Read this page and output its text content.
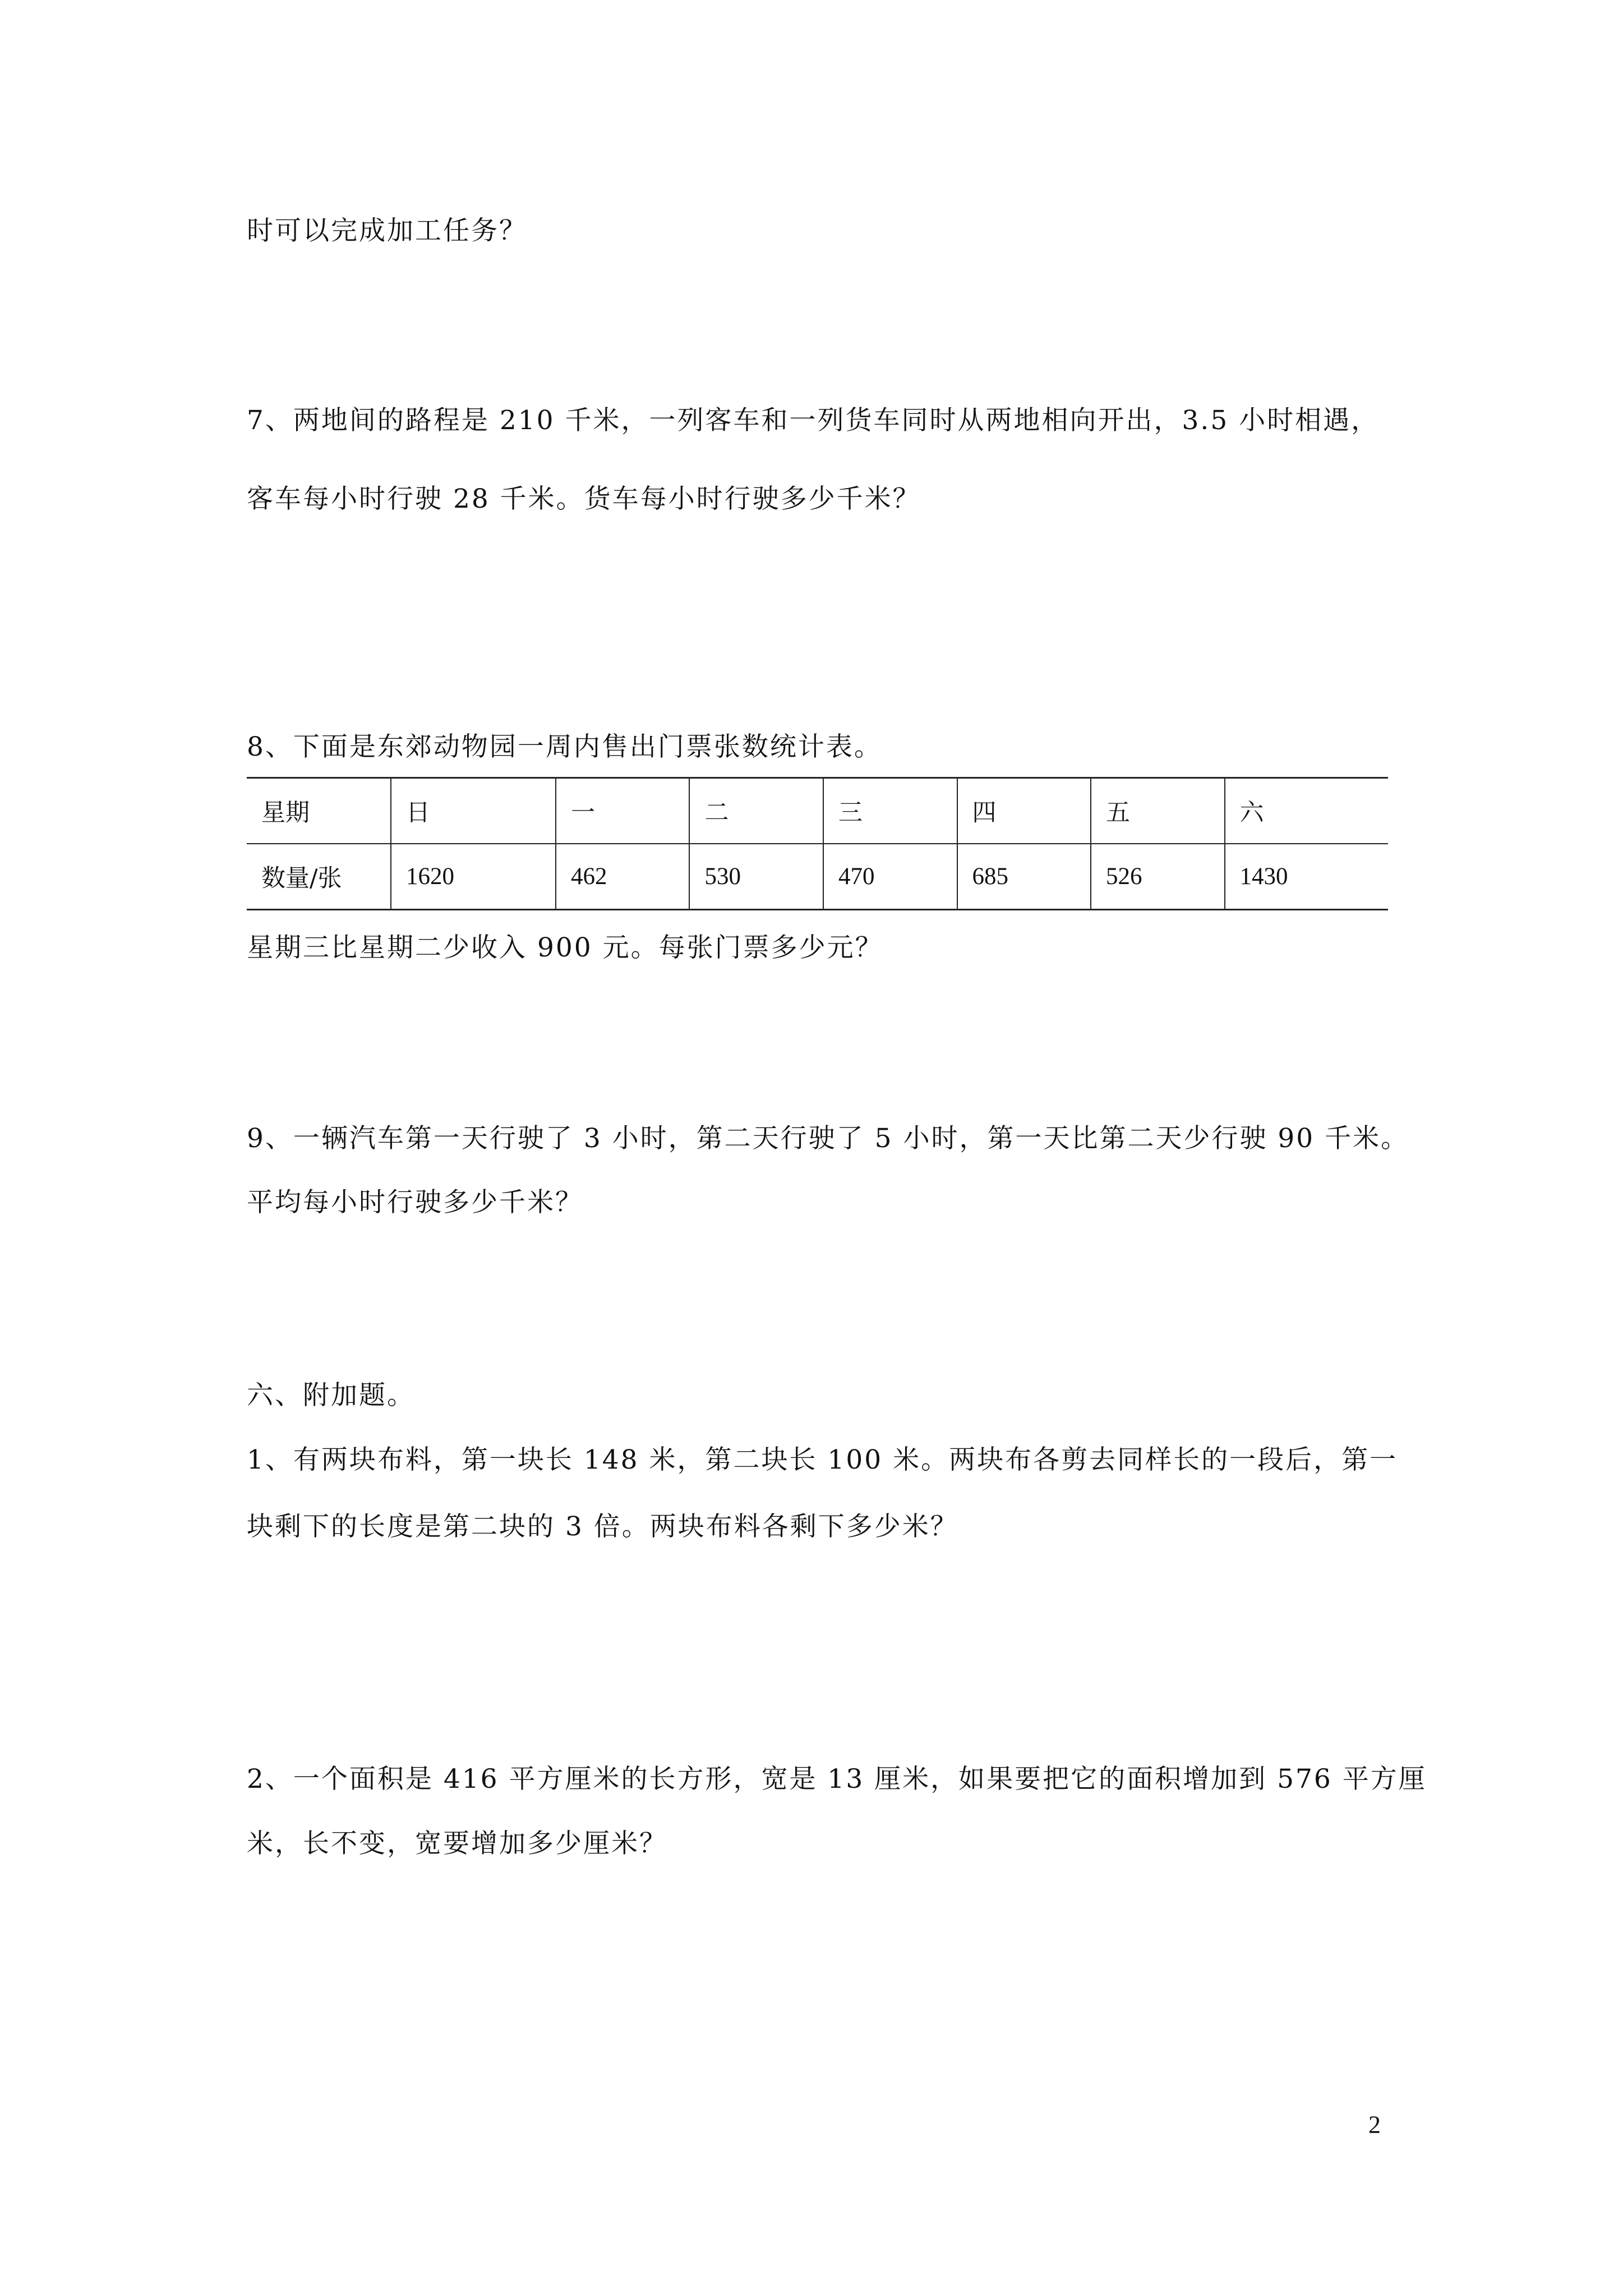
时可以完成加工任务？
7、两地间的路程是 210 千米，一列客车和一列货车同时从两地相向开出，3.5 小时相遇，
客车每小时行驶 28 千米。货车每小时行驶多少千米？
8、下面是东郊动物园一周内售出门票张数统计表。
星期	日	一	二	三	四	五	六
数量/张	1620	462	530	470	685	526	1430
星期三比星期二少收入 900 元。每张门票多少元？
9、一辆汽车第一天行驶了 3 小时，第二天行驶了 5 小时，第一天比第二天少行驶 90 千米。
平均每小时行驶多少千米？
六、附加题。
1、有两块布料，第一块长 148 米，第二块长 100 米。两块布各剪去同样长的一段后，第一
块剩下的长度是第二块的 3 倍。两块布料各剩下多少米？
2、一个面积是 416 平方厘米的长方形，宽是 13 厘米，如果要把它的面积增加到 576 平方厘
米，长不变，宽要增加多少厘米？
2
